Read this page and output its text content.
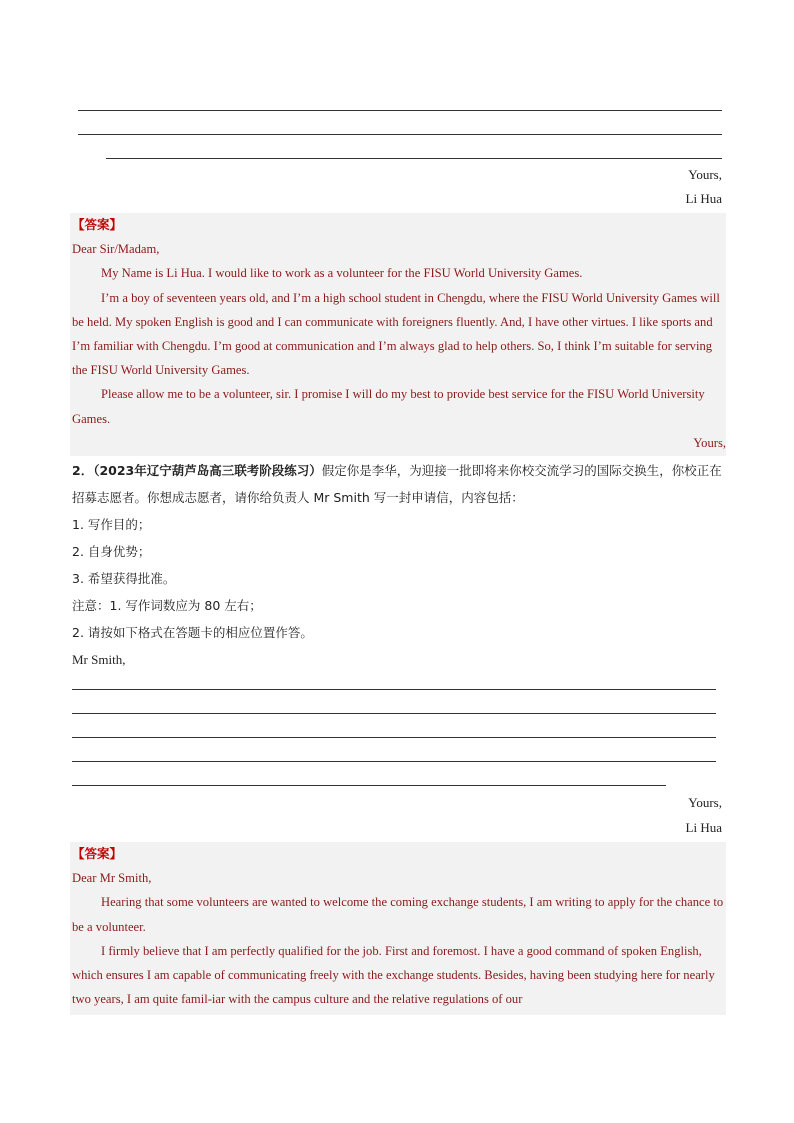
Yours,
Li Hua

【答案】

Dear Sir/Madam,

My Name is Li Hua. I would like to work as a volunteer for the FISU World University Games.

I’m a boy of seventeen years old, and I’m a high school student in Chengdu, where the FISU World University Games will be held. My spoken English is good and I can communicate with foreigners fluently. And, I have other virtues. I like sports and I’m familiar with Chengdu. I’m good at communication and I’m always glad to help others. So, I think I’m suitable for serving the FISU World University Games.

Please allow me to be a volunteer, sir. I promise I will do my best to provide best service for the FISU World University Games.

Yours,

2．（2023年辽宁葫芦岛高三联考阶段练习）假定你是李华，为迎接一批即将来你校交流学习的国际交换生，你校正在招募志愿者。你想成志愿者，请你给负责人 Mr Smith 写一封申请信，内容包括：

1. 写作目的；

2. 自身优势；

3. 希望获得批准。

注意：1. 写作词数应为 80 左右；

2. 请按如下格式在答题卡的相应位置作答。

Mr Smith,

Yours,
Li Hua

【答案】

Dear Mr Smith,

Hearing that some volunteers are wanted to welcome the coming exchange students, I am writing to apply for the chance to be a volunteer.

I firmly believe that I am perfectly qualified for the job. First and foremost. I have a good command of spoken English, which ensures I am capable of communicating freely with the exchange students. Besides, having been studying here for nearly two years, I am quite famil-iar with the campus culture and the relative regulations of our
